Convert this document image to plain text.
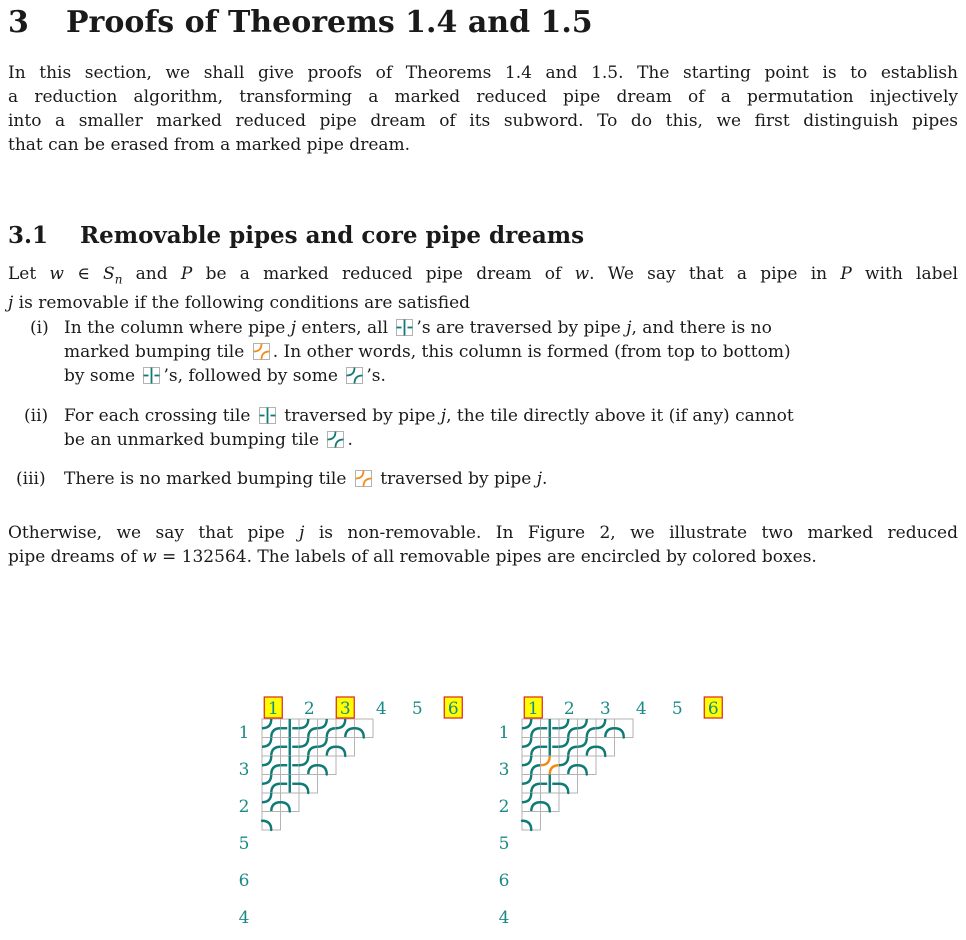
3 Proofs of Theorems 1.4 and 1.5
In this section, we shall give proofs of Theorems 1.4 and 1.5. The starting point is to establish
a reduction algorithm, transforming a marked reduced pipe dream of a permutation injectively
into a smaller marked reduced pipe dream of its subword. To do this, we first distinguish pipes
that can be erased from a marked pipe dream.
3.1 Removable pipes and core pipe dreams
Let w ∈ $S_n$ and P be a marked reduced pipe dream of w. We say that a pipe in P with label
j is removable if the following conditions are satisfied
(i) In the column where pipe j enters, all ’s are traversed by pipe j, and there is no
marked bumping tile . In other words, this column is formed (from top to bottom)
by some ’s, followed by some ’s.
(ii) For each crossing tile  traversed by pipe j, the tile directly above it (if any) cannot
be an unmarked bumping tile .
(iii) There is no marked bumping tile  traversed by pipe j.
Otherwise, we say that pipe j is non-removable. In Figure 2, we illustrate two marked reduced
pipe dreams of w = 132564. The labels of all removable pipes are encircled by colored boxes.
1 2 3 4 5 6
1
3
2
5
6
4
1 2 3 4 5 6
1
3
2
5
6
4
